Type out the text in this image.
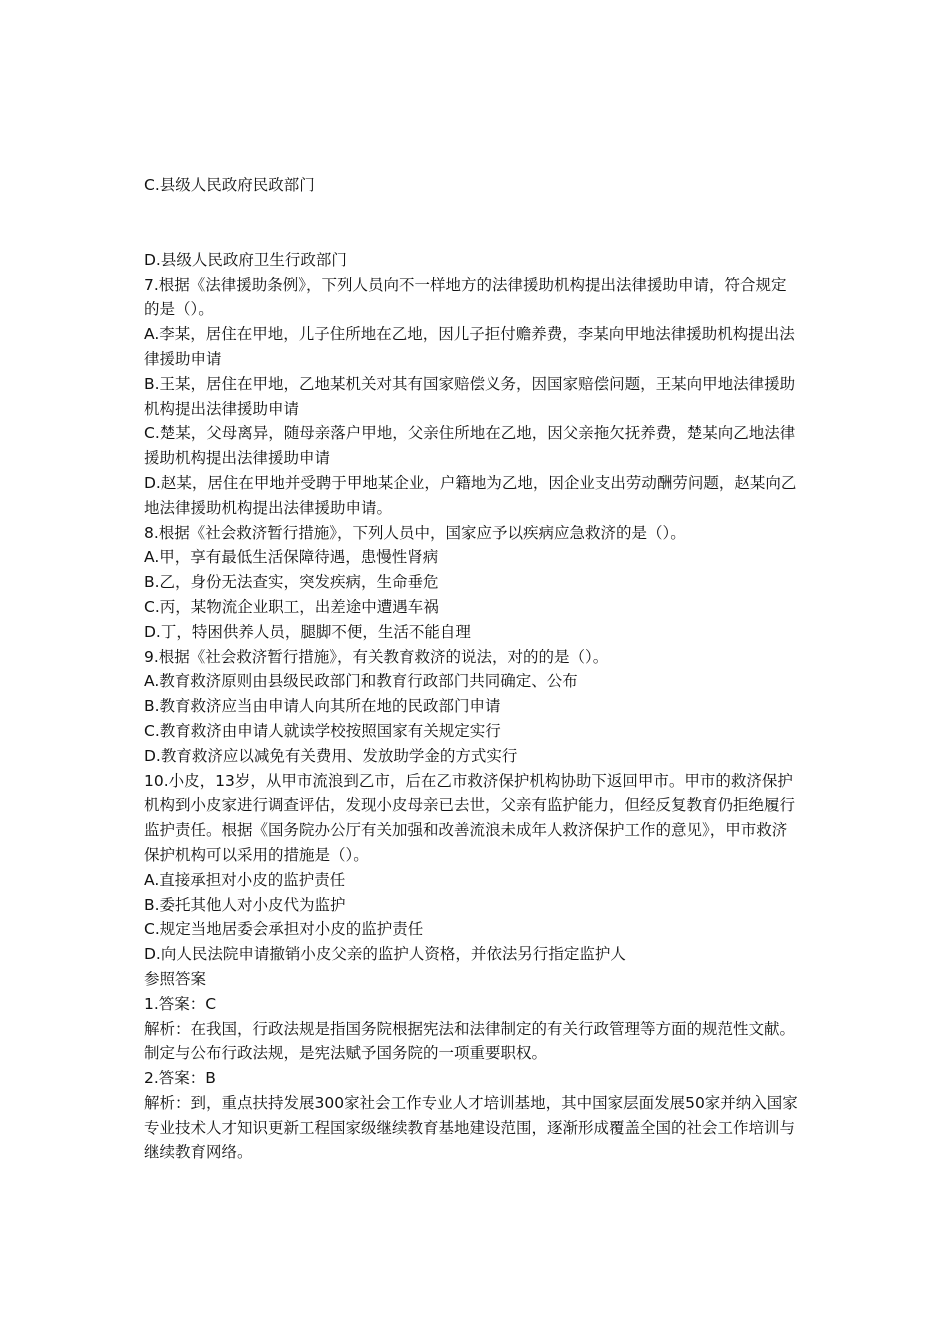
C.县级人民政府民政部门

D.县级人民政府卫生行政部门

7.根据《法律援助条例》，下列人员向不一样地方的法律援助机构提出法律援助申请，符合规定的是（）。

A.李某，居住在甲地，儿子住所地在乙地，因儿子拒付赡养费，李某向甲地法律援助机构提出法律援助申请

B.王某，居住在甲地，乙地某机关对其有国家赔偿义务，因国家赔偿问题，王某向甲地法律援助机构提出法律援助申请

C.楚某，父母离异，随母亲落户甲地，父亲住所地在乙地，因父亲拖欠抚养费，楚某向乙地法律援助机构提出法律援助申请

D.赵某，居住在甲地并受聘于甲地某企业，户籍地为乙地，因企业支出劳动酬劳问题，赵某向乙地法律援助机构提出法律援助申请。

8.根据《社会救济暂行措施》，下列人员中，国家应予以疾病应急救济的是（）。

A.甲，享有最低生活保障待遇，患慢性肾病

B.乙，身份无法查实，突发疾病，生命垂危

C.丙，某物流企业职工，出差途中遭遇车祸

D.丁，特困供养人员，腿脚不便，生活不能自理

9.根据《社会救济暂行措施》，有关教育救济的说法，对的的是（）。

A.教育救济原则由县级民政部门和教育行政部门共同确定、公布

B.教育救济应当由申请人向其所在地的民政部门申请

C.教育救济由申请人就读学校按照国家有关规定实行

D.教育救济应以减免有关费用、发放助学金的方式实行

10.小皮，13岁，从甲市流浪到乙市，后在乙市救济保护机构协助下返回甲市。甲市的救济保护机构到小皮家进行调查评估，发现小皮母亲已去世，父亲有监护能力，但经反复教育仍拒绝履行监护责任。根据《国务院办公厅有关加强和改善流浪未成年人救济保护工作的意见》，甲市救济保护机构可以采用的措施是（）。

A.直接承担对小皮的监护责任

B.委托其他人对小皮代为监护

C.规定当地居委会承担对小皮的监护责任

D.向人民法院申请撤销小皮父亲的监护人资格，并依法另行指定监护人

参照答案

1.答案：C

解析：在我国，行政法规是指国务院根据宪法和法律制定的有关行政管理等方面的规范性文献。制定与公布行政法规，是宪法赋予国务院的一项重要职权。

2.答案：B

解析：到，重点扶持发展300家社会工作专业人才培训基地，其中国家层面发展50家并纳入国家专业技术人才知识更新工程国家级继续教育基地建设范围，逐渐形成覆盖全国的社会工作培训与继续教育网络。
